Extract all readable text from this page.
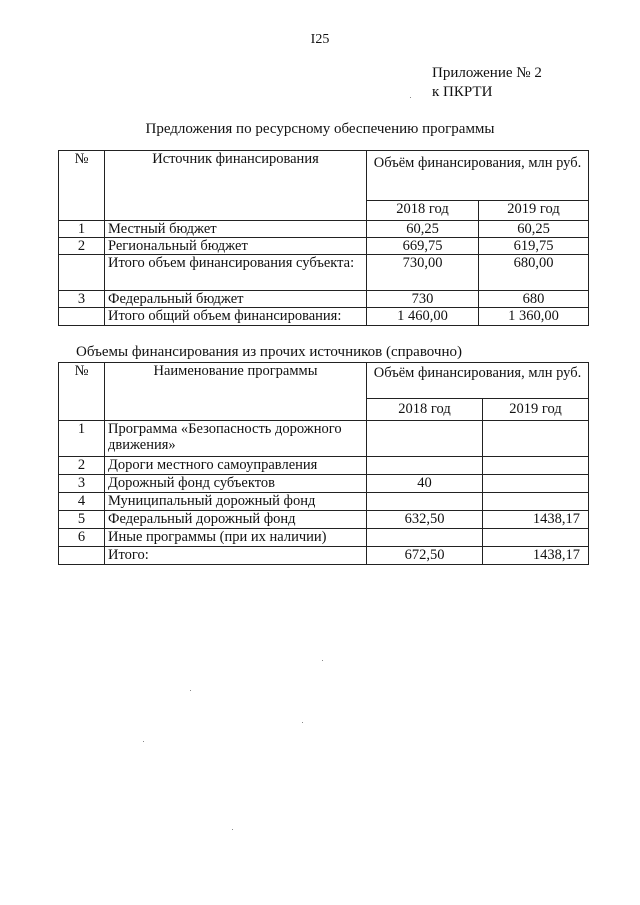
I25
Приложение № 2
к ПКРТИ
Предложения по ресурсному обеспечению программы
№	Источник финансирования	Объём финансирования, млн руб.	
		2018 год	2019 год
1	Местный бюджет	60,25	60,25
2	Региональный бюджет	669,75	619,75
	Итого объем финансирования субъекта:	730,00	680,00
3	Федеральный бюджет	730	680
	Итого общий объем финансирования:	1 460,00	1 360,00
Объемы финансирования из прочих источников (справочно)
№	Наименование программы	Объём финансирования, млн руб.	
		2018 год	2019 год
1	Программа «Безопасность дорожного движения»		
2	Дороги местного самоуправления		
3	Дорожный фонд субъектов	40	
4	Муниципальный дорожный фонд		
5	Федеральный дорожный фонд	632,50	1438,17
6	Иные программы (при их наличии)		
	Итого:	672,50	1438,17
